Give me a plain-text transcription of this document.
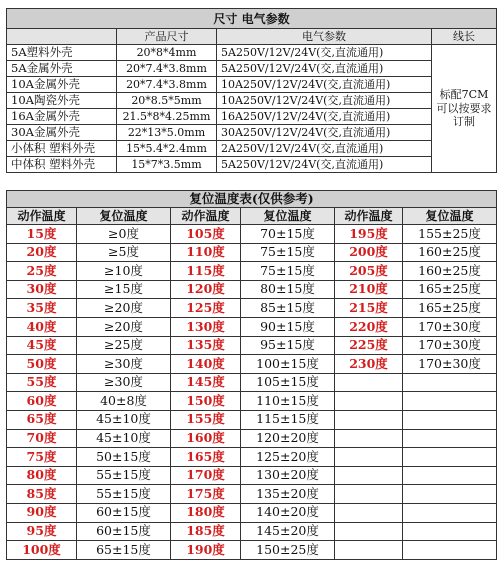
尺寸 电气参数			
	产品尺寸	电气参数	线长
5A塑料外壳	20*8*4mm	5A250V/12V/24V(交,直流通用)	标配7CM 可以按要求订制
5A金属外壳	20*7.4*3.8mm	5A250V/12V/24V(交,直流通用)	
10A金属外壳	20*7.4*3.8mm	10A250V/12V/24V(交,直流通用)	
10A陶瓷外壳	20*8.5*5mm	10A250V/12V/24V(交,直流通用)	
16A金属外壳	21.5*8*4.25mm	16A250V/12V/24V(交,直流通用)	
30A金属外壳	22*13*5.0mm	30A250V/12V/24V(交,直流通用)	
小体积 塑料外壳	15*5.4*2.4mm	2A250V/12V/24V(交,直流通用)	
中体积 塑料外壳	15*7*3.5mm	5A250V/12V/24V(交,直流通用)	
复位温度表(仅供参考)					
动作温度	复位温度	动作温度	复位温度	动作温度	复位温度
15度	≥0度	105度	70±15度	195度	155±25度
20度	≥5度	110度	75±15度	200度	160±25度
25度	≥10度	115度	75±15度	205度	160±25度
30度	≥15度	120度	80±15度	210度	165±25度
35度	≥20度	125度	85±15度	215度	165±25度
40度	≥20度	130度	90±15度	220度	170±30度
45度	≥25度	135度	95±15度	225度	170±30度
50度	≥30度	140度	100±15度	230度	170±30度
55度	≥30度	145度	105±15度		
60度	40±8度	150度	110±15度		
65度	45±10度	155度	115±15度		
70度	45±10度	160度	120±20度		
75度	50±15度	165度	125±20度		
80度	55±15度	170度	130±20度		
85度	55±15度	175度	135±20度		
90度	60±15度	180度	140±20度		
95度	60±15度	185度	145±20度		
100度	65±15度	190度	150±25度		
